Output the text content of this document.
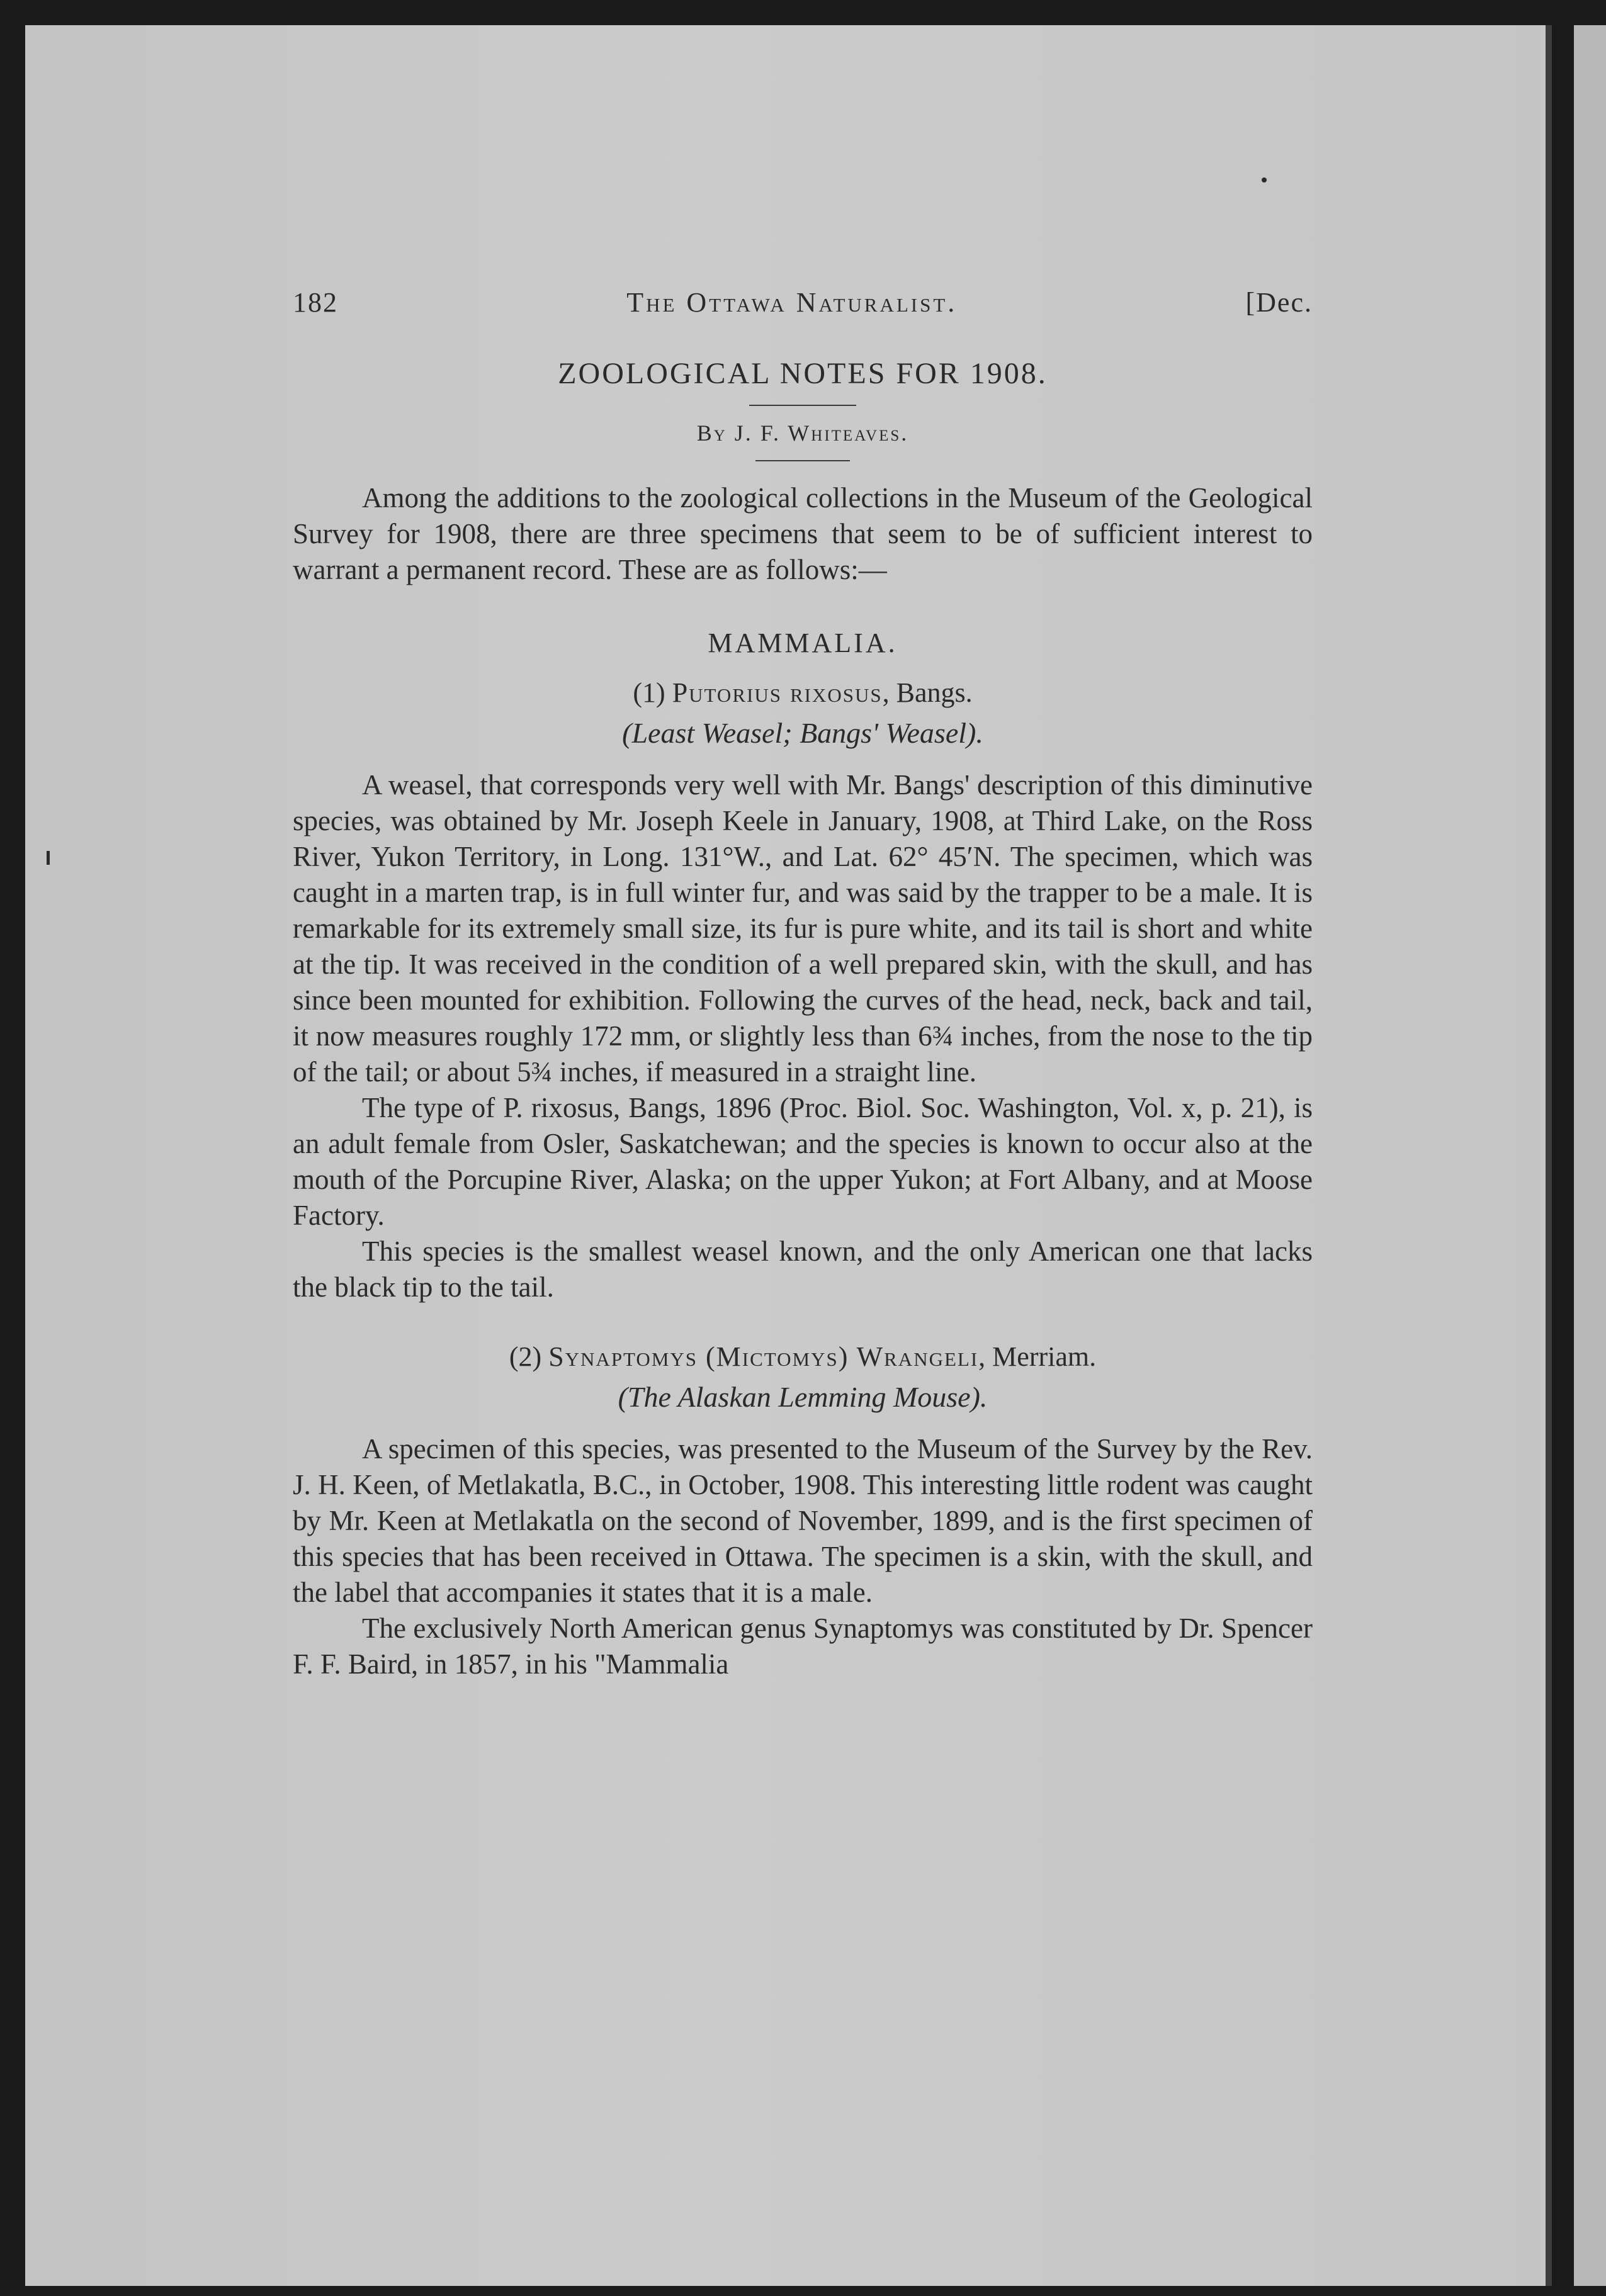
182	The Ottawa Naturalist.	[Dec.
ZOOLOGICAL NOTES FOR 1908.
By J. F. Whiteaves.

Among the additions to the zoological collections in the Museum of the Geological Survey for 1908, there are three specimens that seem to be of sufficient interest to warrant a permanent record. These are as follows:—

MAMMALIA.
(1) Putorius rixosus, Bangs.
(Least Weasel; Bangs' Weasel).

A weasel, that corresponds very well with Mr. Bangs' description of this diminutive species, was obtained by Mr. Joseph Keele in January, 1908, at Third Lake, on the Ross River, Yukon Territory, in Long. 131°W., and Lat. 62° 45′N. The specimen, which was caught in a marten trap, is in full winter fur, and was said by the trapper to be a male. It is remarkable for its extremely small size, its fur is pure white, and its tail is short and white at the tip. It was received in the condition of a well prepared skin, with the skull, and has since been mounted for exhibition. Following the curves of the head, neck, back and tail, it now measures roughly 172 mm, or slightly less than 6¾ inches, from the nose to the tip of the tail; or about 5¾ inches, if measured in a straight line.

The type of P. rixosus, Bangs, 1896 (Proc. Biol. Soc. Washington, Vol. x, p. 21), is an adult female from Osler, Saskatchewan; and the species is known to occur also at the mouth of the Porcupine River, Alaska; on the upper Yukon; at Fort Albany, and at Moose Factory.

This species is the smallest weasel known, and the only American one that lacks the black tip to the tail.

(2) Synaptomys (Mictomys) Wrangeli, Merriam.
(The Alaskan Lemming Mouse).

A specimen of this species, was presented to the Museum of the Survey by the Rev. J. H. Keen, of Metlakatla, B.C., in October, 1908. This interesting little rodent was caught by Mr. Keen at Metlakatla on the second of November, 1899, and is the first specimen of this species that has been received in Ottawa. The specimen is a skin, with the skull, and the label that accompanies it states that it is a male.

The exclusively North American genus Synaptomys was constituted by Dr. Spencer F. F. Baird, in 1857, in his "Mammalia
